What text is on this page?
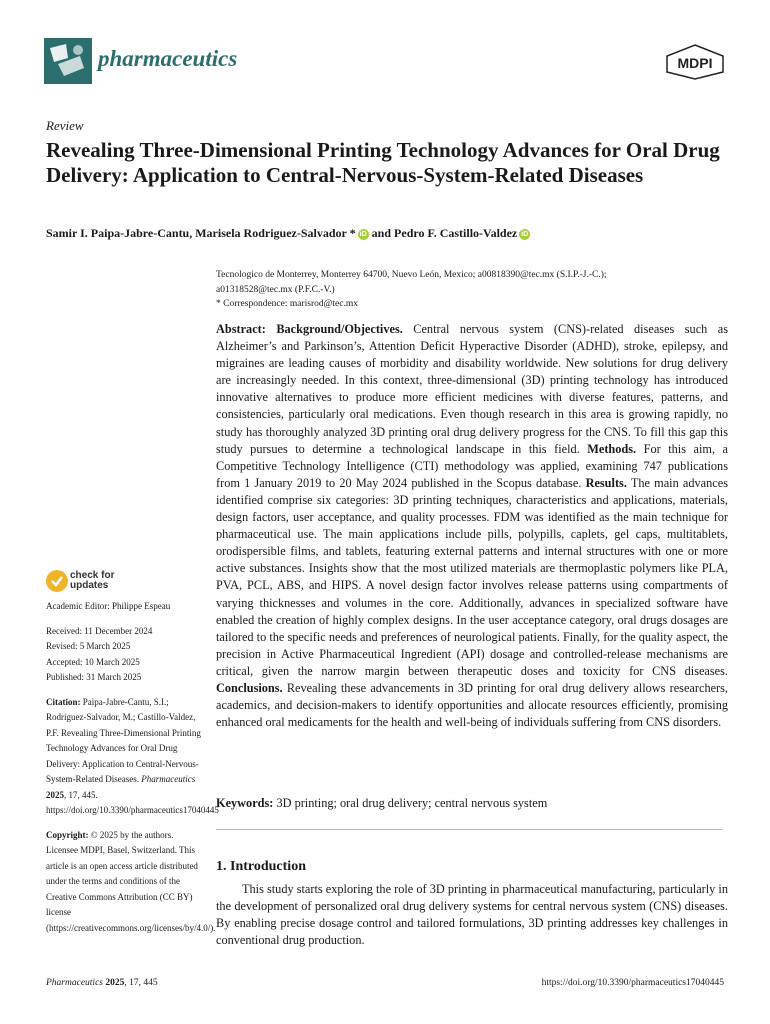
pharmaceutics	MDPI
Review
Revealing Three-Dimensional Printing Technology Advances for Oral Drug Delivery: Application to Central-Nervous-System-Related Diseases
Samir I. Paipa-Jabre-Cantu, Marisela Rodriguez-Salvador * iD and Pedro F. Castillo-Valdez iD
Tecnologico de Monterrey, Monterrey 64700, Nuevo León, Mexico; a00818390@tec.mx (S.I.P.-J.-C.);
a01318528@tec.mx (P.F.C.-V.)
* Correspondence: marisrod@tec.mx
check for
updates
Academic Editor: Philippe Espeau
Received: 11 December 2024
Revised: 5 March 2025
Accepted: 10 March 2025
Published: 31 March 2025
Citation: Paipa-Jabre-Cantu, S.I.; Rodriguez-Salvador, M.; Castillo-Valdez, P.F. Revealing Three-Dimensional Printing Technology Advances for Oral Drug Delivery: Application to Central-Nervous-System-Related Diseases. Pharmaceutics 2025, 17, 445. https://doi.org/10.3390/pharmaceutics17040445
Copyright: © 2025 by the authors. Licensee MDPI, Basel, Switzerland. This article is an open access article distributed under the terms and conditions of the Creative Commons Attribution (CC BY) license (https://creativecommons.org/licenses/by/4.0/).
Abstract: Background/Objectives. Central nervous system (CNS)-related diseases such as Alzheimer’s and Parkinson’s, Attention Deficit Hyperactive Disorder (ADHD), stroke, epilepsy, and migraines are leading causes of morbidity and disability worldwide. New solutions for drug delivery are increasingly needed. In this context, three-dimensional (3D) printing technology has introduced innovative alternatives to produce more efficient medicines with diverse features, patterns, and consistencies, particularly oral medications. Even though research in this area is growing rapidly, no study has thoroughly analyzed 3D printing oral drug delivery progress for the CNS. To fill this gap this study pursues to determine a technological landscape in this field. Methods. For this aim, a Competitive Technology Intelligence (CTI) methodology was applied, examining 747 publications from 1 January 2019 to 20 May 2024 published in the Scopus database. Results. The main advances identified comprise six categories: 3D printing techniques, characteristics and applications, materials, design factors, user acceptance, and quality processes. FDM was identified as the main technique for pharmaceutical use. The main applications include pills, polypills, caplets, gel caps, multitablets, orodispersible films, and tablets, featuring external patterns and internal structures with one or more active substances. Insights show that the most utilized materials are thermoplastic polymers like PLA, PVA, PCL, ABS, and HIPS. A novel design factor involves release patterns using compartments of varying thicknesses and volumes in the core. Additionally, advances in specialized software have enabled the creation of highly complex designs. In the user acceptance category, oral drugs dosages are tailored to the specific needs and preferences of neurological patients. Finally, for the quality aspect, the precision in Active Pharmaceutical Ingredient (API) dosage and controlled-release mechanisms are critical, given the narrow margin between therapeutic doses and toxicity for CNS diseases. Conclusions. Revealing these advancements in 3D printing for oral drug delivery allows researchers, academics, and decision-makers to identify opportunities and allocate resources efficiently, promising enhanced oral medicaments for the health and well-being of individuals suffering from CNS disorders.
Keywords: 3D printing; oral drug delivery; central nervous system
1. Introduction
This study starts exploring the role of 3D printing in pharmaceutical manufacturing, particularly in the development of personalized oral drug delivery systems for central nervous system (CNS) diseases. By enabling precise dosage control and tailored formulations, 3D printing addresses key challenges in conventional drug production.
Pharmaceutics 2025, 17, 445	https://doi.org/10.3390/pharmaceutics17040445
